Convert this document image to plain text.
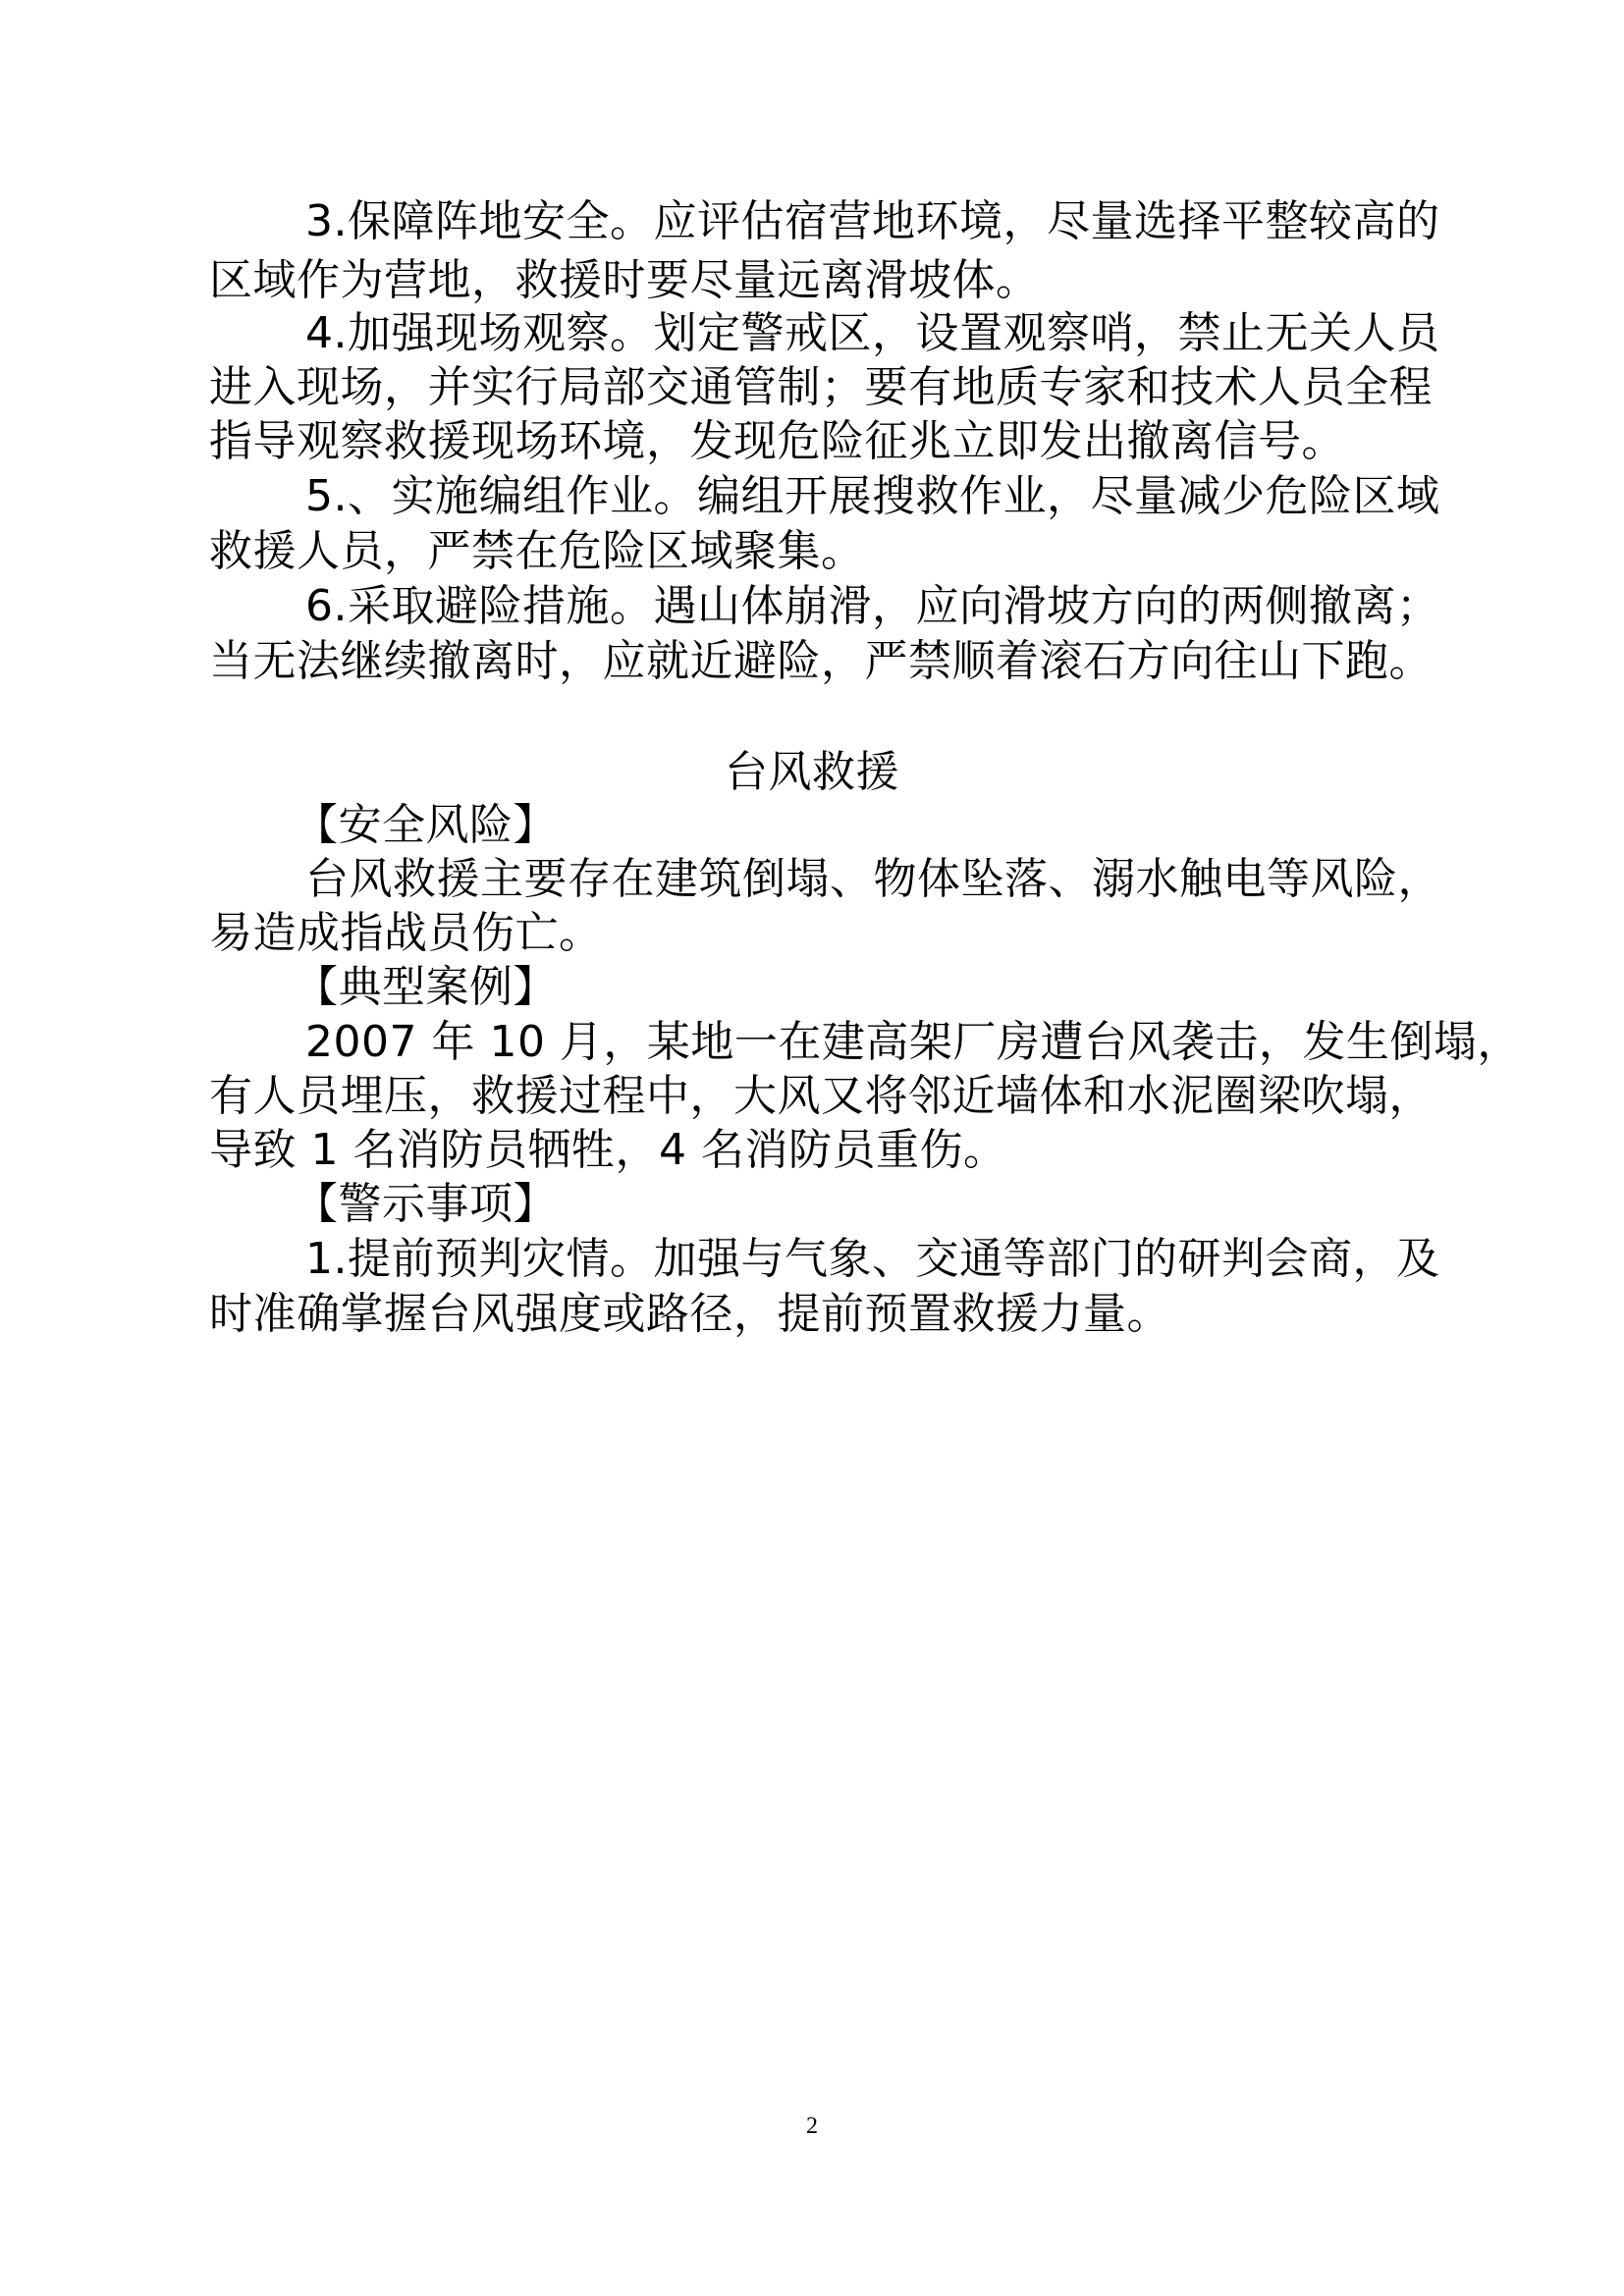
3.保障阵地安全。应评估宿营地环境，尽量选择平整较高的
区域作为营地，救援时要尽量远离滑坡体。
4.加强现场观察。划定警戒区，设置观察哨，禁止无关人员
进入现场，并实行局部交通管制；要有地质专家和技术人员全程
指导观察救援现场环境，发现危险征兆立即发出撤离信号。
5.、实施编组作业。编组开展搜救作业，尽量减少危险区域
救援人员，严禁在危险区域聚集。
6.采取避险措施。遇山体崩滑，应向滑坡方向的两侧撤离；
当无法继续撤离时，应就近避险，严禁顺着滚石方向往山下跑。
台风救援
【安全风险】
台风救援主要存在建筑倒塌、物体坠落、溺水触电等风险，
易造成指战员伤亡。
【典型案例】
2007 年 10 月，某地一在建高架厂房遭台风袭击，发生倒塌，
有人员埋压，救援过程中，大风又将邻近墙体和水泥圈梁吹塌，
导致 1 名消防员牺牲，4 名消防员重伤。
【警示事项】
1.提前预判灾情。加强与气象、交通等部门的研判会商，及
时准确掌握台风强度或路径，提前预置救援力量。
2
